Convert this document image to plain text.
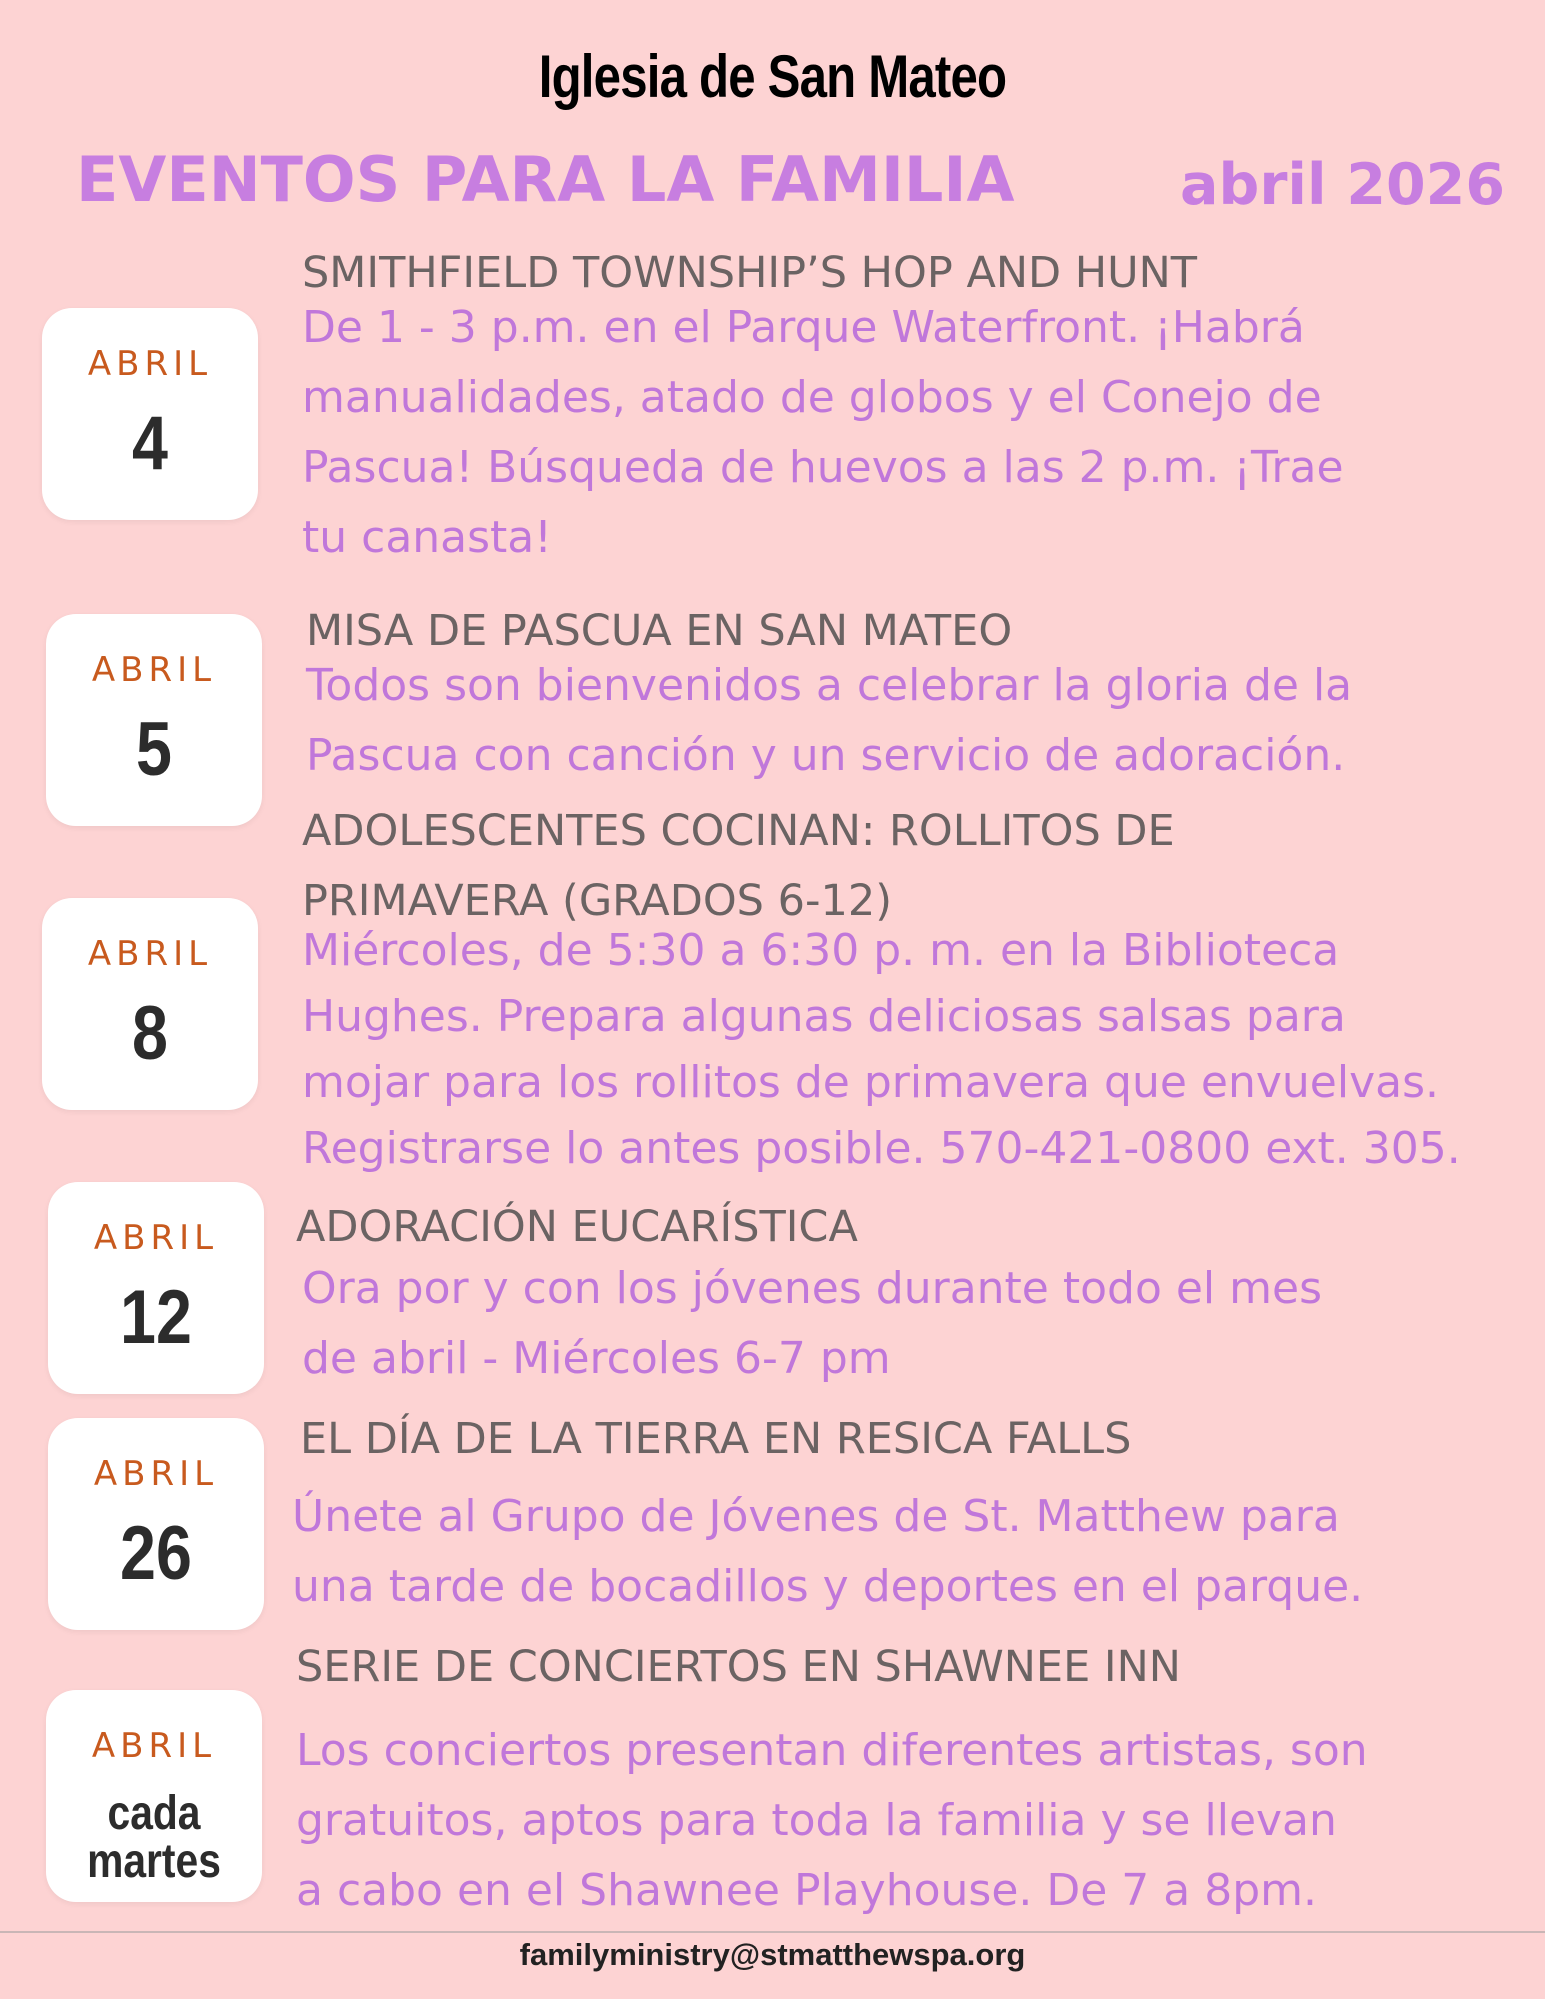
Iglesia de San Mateo
EVENTOS PARA LA FAMILIA	abril 2026
ABRIL
4
SMITHFIELD TOWNSHIP’S HOP AND HUNT
De 1 - 3 p.m. en el Parque Waterfront. ¡Habrá
manualidades, atado de globos y el Conejo de
Pascua! Búsqueda de huevos a las 2 p.m. ¡Trae
tu canasta!
ABRIL
5
MISA DE PASCUA EN SAN MATEO
Todos son bienvenidos a celebrar la gloria de la
Pascua con canción y un servicio de adoración.
ABRIL
8
ADOLESCENTES COCINAN: ROLLITOS DE
PRIMAVERA (GRADOS 6-12)
Miércoles, de 5:30 a 6:30 p. m. en la Biblioteca
Hughes. Prepara algunas deliciosas salsas para
mojar para los rollitos de primavera que envuelvas.
Registrarse lo antes posible. 570-421-0800 ext. 305.
ABRIL
12
ADORACIÓN EUCARÍSTICA
Ora por y con los jóvenes durante todo el mes
de abril - Miércoles 6-7 pm
ABRIL
26
EL DÍA DE LA TIERRA EN RESICA FALLS
Únete al Grupo de Jóvenes de St. Matthew para
una tarde de bocadillos y deportes en el parque.
ABRIL
cada
martes
SERIE DE CONCIERTOS EN SHAWNEE INN
Los conciertos presentan diferentes artistas, son
gratuitos, aptos para toda la familia y se llevan
a cabo en el Shawnee Playhouse. De 7 a 8pm.
familyministry@stmatthewspa.org
